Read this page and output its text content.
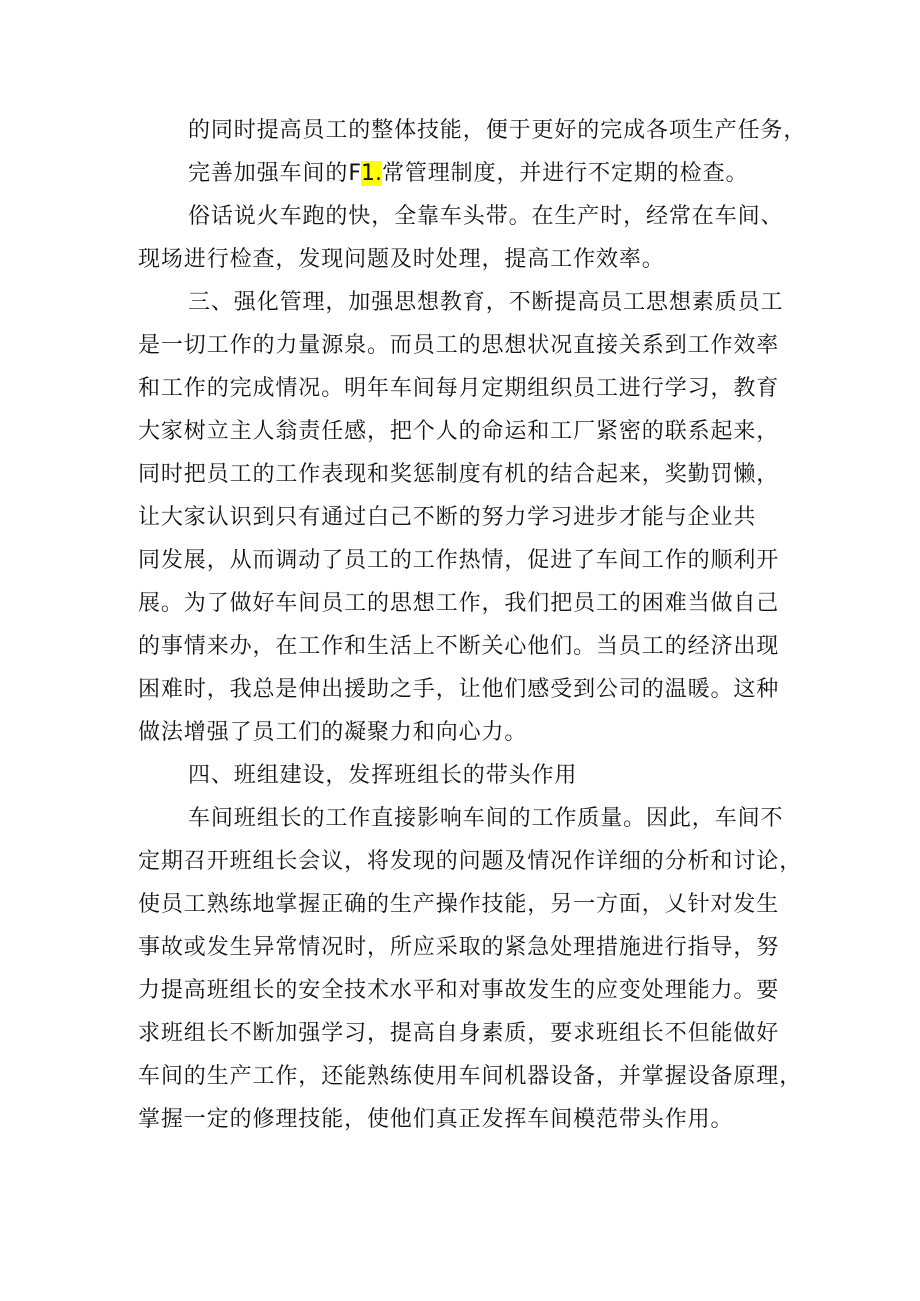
的同时提高员工的整体技能，便于更好的完成各项生产任务，
完善加强车间的F1.常管理制度，并进行不定期的检查。
俗话说火车跑的快，全靠车头带。在生产时，经常在车间、
现场进行检查，发现问题及时处理，提高工作效率。
三、强化管理，加强思想教育，不断提高员工思想素质员工
是一切工作的力量源泉。而员工的思想状况直接关系到工作效率
和工作的完成情况。明年车间每月定期组织员工进行学习，教育
大家树立主人翁责任感，把个人的命运和工厂紧密的联系起来，
同时把员工的工作表现和奖惩制度有机的结合起来，奖勤罚懒，
让大家认识到只有通过白己不断的努力学习进步才能与企业共
同发展，从而调动了员工的工作热情，促进了车间工作的顺利开
展。为了做好车间员工的思想工作，我们把员工的困难当做自己
的事情来办，在工作和生活上不断关心他们。当员工的经济出现
困难时，我总是伸出援助之手，让他们感受到公司的温暖。这种
做法增强了员工们的凝聚力和向心力。
四、班组建设，发挥班组长的带头作用
车间班组长的工作直接影响车间的工作质量。因此，车间不
定期召开班组长会议，将发现的问题及情况作详细的分析和讨论，
使员工熟练地掌握正确的生产操作技能，另一方面，乂针对发生
事故或发生异常情况时，所应采取的紧急处理措施进行指导，努
力提高班组长的安全技术水平和对事故发生的应变处理能力。要
求班组长不断加强学习，提高自身素质，要求班组长不但能做好
车间的生产工作，还能熟练使用车间机器设备，并掌握设备原理，
掌握一定的修理技能，使他们真正发挥车间模范带头作用。
